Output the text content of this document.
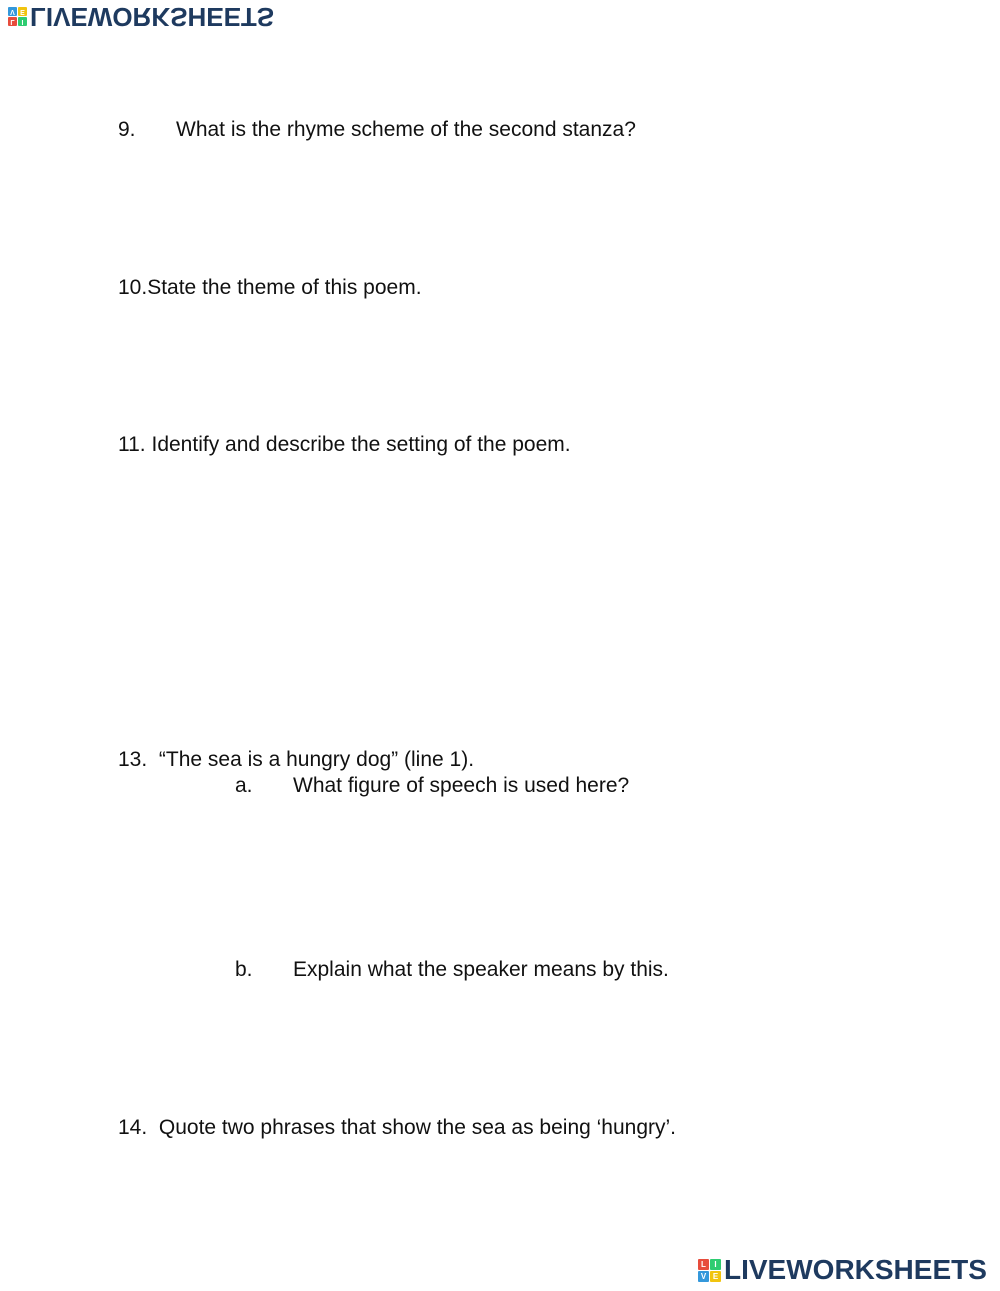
L I
V E LIVEWORKSHEETS
9. What is the rhyme scheme of the second stanza?
10.State the theme of this poem.
11. Identify and describe the setting of the poem.
13. “The sea is a hungry dog” (line 1).
a. What figure of speech is used here?
b. Explain what the speaker means by this.
14. Quote two phrases that show the sea as being ‘hungry’.
L	I
V E LIVEWORKSHEETS
